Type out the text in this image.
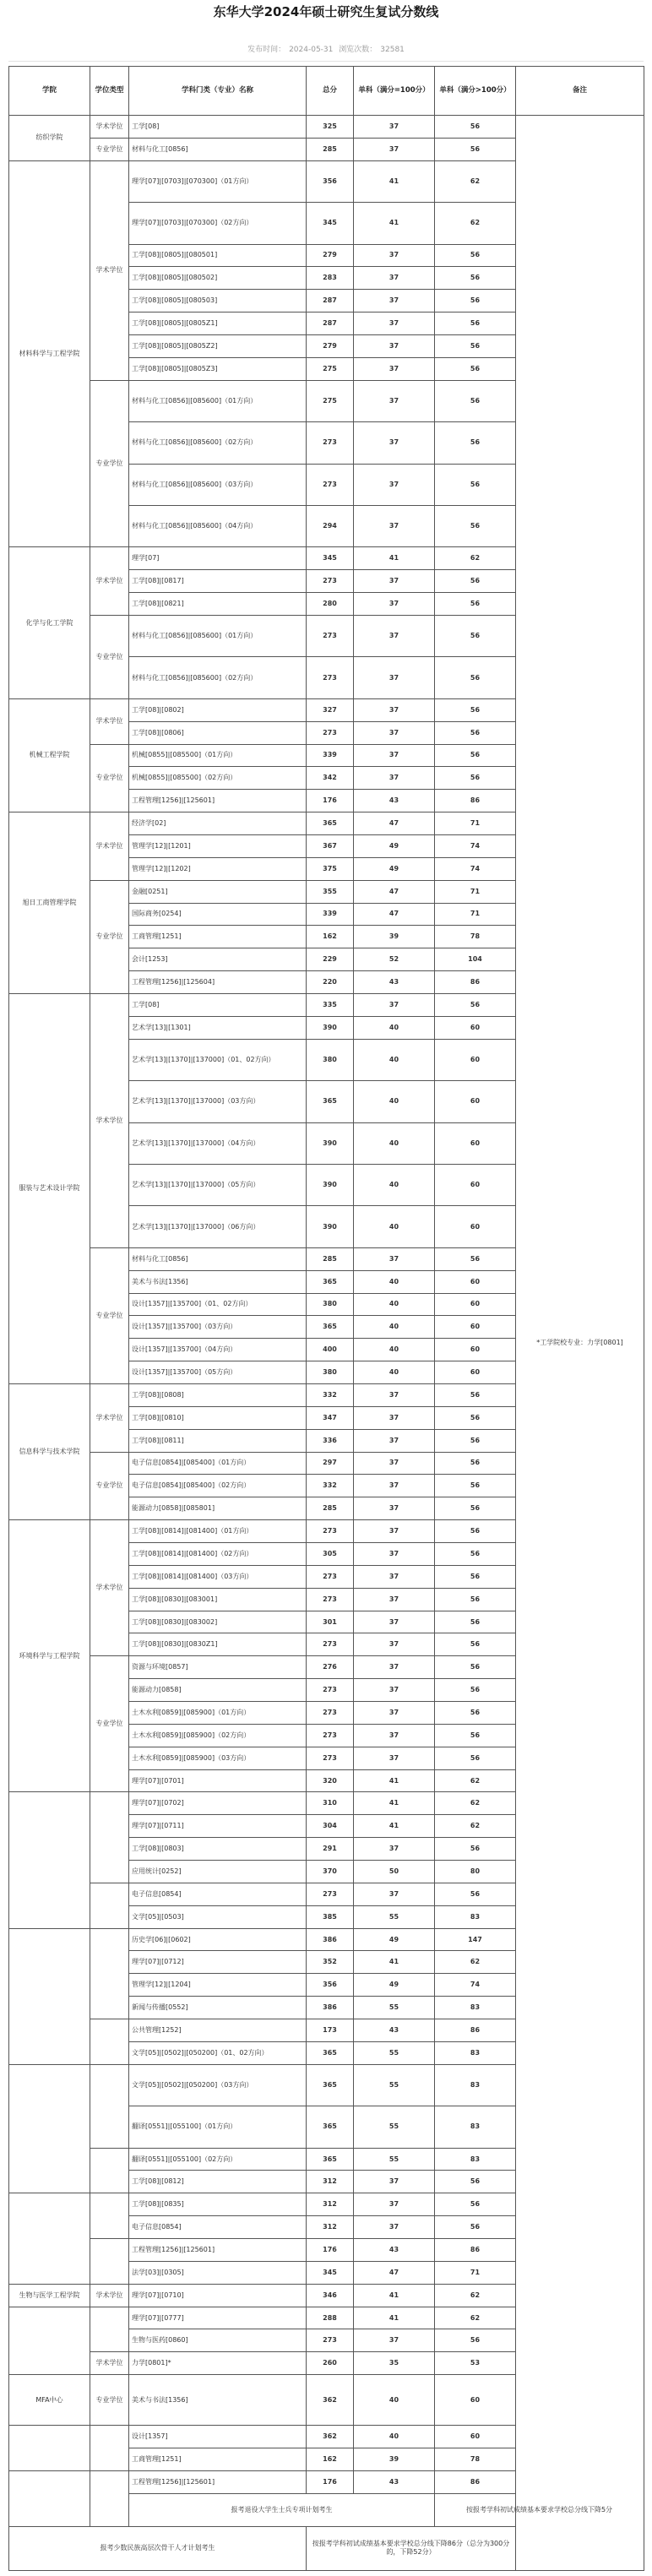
东华大学2024年硕士研究生复试分数线
发布时间： 2024-05-31 浏览次数： 32581
学院	学位类型	学科门类（专业）名称	总分	单科（满分=100分）	单科（满分>100分）	备注
纺织学院	学术学位	工学[08]	325	37	56	*工学院校专业：力学[0801]
	专业学位	材料与化工[0856]	285	37	56	
材料科学与工程学院	学术学位	理学[07]|[0703]|[070300]（01方向）	356	41	62	
		理学[07]|[0703]|[070300]（02方向）	345	41	62	
		工学[08]|[0805]|[080501]	279	37	56	
		工学[08]|[0805]|[080502]	283	37	56	
		工学[08]|[0805]|[080503]	287	37	56	
		工学[08]|[0805]|[0805Z1]	287	37	56	
		工学[08]|[0805]|[0805Z2]	279	37	56	
		工学[08]|[0805]|[0805Z3]	275	37	56	
	专业学位	材料与化工[0856]|[085600]（01方向）	275	37	56	
		材料与化工[0856]|[085600]（02方向）	273	37	56	
		材料与化工[0856]|[085600]（03方向）	273	37	56	
		材料与化工[0856]|[085600]（04方向）	294	37	56	
化学与化工学院	学术学位	理学[07]	345	41	62	
		工学[08]|[0817]	273	37	56	
		工学[08]|[0821]	280	37	56	
	专业学位	材料与化工[0856]|[085600]（01方向）	273	37	56	
		材料与化工[0856]|[085600]（02方向）	273	37	56	
机械工程学院	学术学位	工学[08]|[0802]	327	37	56	
		工学[08]|[0806]	273	37	56	
	专业学位	机械[0855]|[085500]（01方向）	339	37	56	
		机械[0855]|[085500]（02方向）	342	37	56	
		工程管理[1256]|[125601]	176	43	86	
旭日工商管理学院	学术学位	经济学[02]	365	47	71	
		管理学[12]|[1201]	367	49	74	
		管理学[12]|[1202]	375	49	74	
	专业学位	金融[0251]	355	47	71	
		国际商务[0254]	339	47	71	
		工商管理[1251]	162	39	78	
		会计[1253]	229	52	104	
		工程管理[1256]|[125604]	220	43	86	
服装与艺术设计学院	学术学位	工学[08]	335	37	56	
		艺术学[13]|[1301]	390	40	60	
		艺术学[13]|[1370]|[137000]（01、02方向）	380	40	60	
		艺术学[13]|[1370]|[137000]（03方向）	365	40	60	
		艺术学[13]|[1370]|[137000]（04方向）	390	40	60	
		艺术学[13]|[1370]|[137000]（05方向）	390	40	60	
		艺术学[13]|[1370]|[137000]（06方向）	390	40	60	
	专业学位	材料与化工[0856]	285	37	56	
		美术与书法[1356]	365	40	60	
		设计[1357]|[135700]（01、02方向）	380	40	60	
		设计[1357]|[135700]（03方向）	365	40	60	
		设计[1357]|[135700]（04方向）	400	40	60	
		设计[1357]|[135700]（05方向）	380	40	60	
信息科学与技术学院	学术学位	工学[08]|[0808]	332	37	56	
		工学[08]|[0810]	347	37	56	
		工学[08]|[0811]	336	37	56	
	专业学位	电子信息[0854]|[085400]（01方向）	297	37	56	
		电子信息[0854]|[085400]（02方向）	332	37	56	
		能源动力[0858]|[085801]	285	37	56	
环境科学与工程学院	学术学位	工学[08]|[0814]|[081400]（01方向）	273	37	56	
		工学[08]|[0814]|[081400]（02方向）	305	37	56	
		工学[08]|[0814]|[081400]（03方向）	273	37	56	
		工学[08]|[0830]|[083001]	273	37	56	
		工学[08]|[0830]|[083002]	301	37	56	
		工学[08]|[0830]|[0830Z1]	273	37	56	
	专业学位	资源与环境[0857]	276	37	56	
		能源动力[0858]	273	37	56	
		土木水利[0859]|[085900]（01方向）	273	37	56	
		土木水利[0859]|[085900]（02方向）	273	37	56	
		土木水利[0859]|[085900]（03方向）	273	37	56	
		理学[07]|[0701]	320	41	62	
		理学[07]|[0702]	310	41	62	
		理学[07]|[0711]	304	41	62	
		工学[08]|[0803]	291	37	56	
		应用统计[0252]	370	50	80	
		电子信息[0854]	273	37	56	
		文学[05]|[0503]	385	55	83	
		历史学[06]|[0602]	386	49	147	
		理学[07]|[0712]	352	41	62	
		管理学[12]|[1204]	356	49	74	
		新闻与传播[0552]	386	55	83	
		公共管理[1252]	173	43	86	
		文学[05]|[0502]|[050200]（01、02方向）	365	55	83	
		文学[05]|[0502]|[050200]（03方向）	365	55	83	
		翻译[0551]|[055100]（01方向）	365	55	83	
		翻译[0551]|[055100]（02方向）	365	55	83	
		工学[08]|[0812]	312	37	56	
		工学[08]|[0835]	312	37	56	
		电子信息[0854]	312	37	56	
		工程管理[1256]|[125601]	176	43	86	
		法学[03]|[0305]	345	47	71	
生物与医学工程学院	学术学位	理学[07]|[0710]	346	41	62	
		理学[07]|[0777]	288	41	62	
		生物与医药[0860]	273	37	56	
	学术学位	力学[0801]*	260	35	53	
MFA中心	专业学位	美术与书法[1356]	362	40	60	
		设计[1357]	362	40	60	
		工商管理[1251]	162	39	78	
		工程管理[1256]|[125601]	176	43	86	
		报考退役大学生士兵专项计划考生			按报考学科初试成绩基本要求学校总分线下降5分	
报考少数民族高层次骨干人才计划考生			按报考学科初试成绩基本要求学校总分线下降86分（总分为300分的，下降52分）			
